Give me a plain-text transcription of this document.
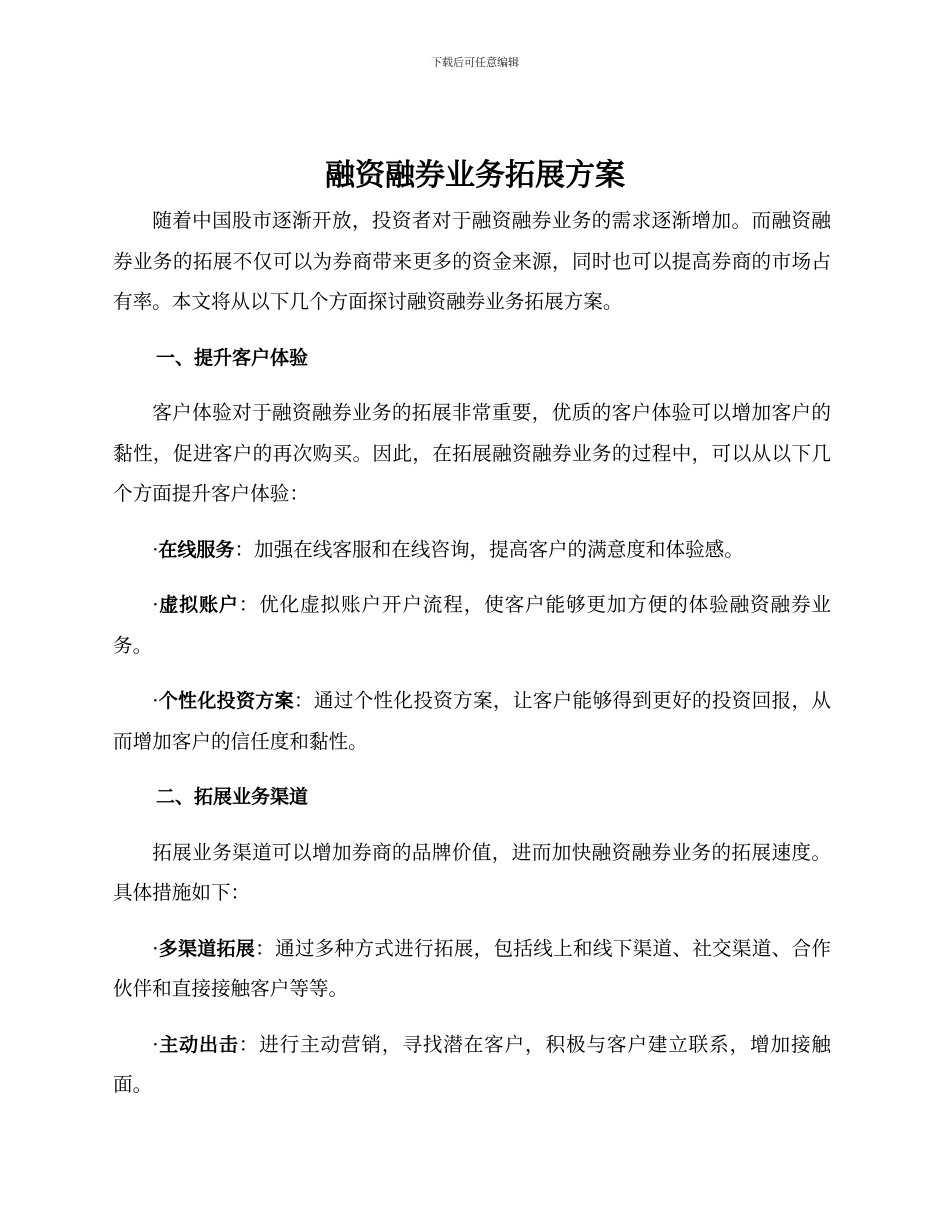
下载后可任意编辑
融资融券业务拓展方案

随着中国股市逐渐开放，投资者对于融资融券业务的需求逐渐增加。而融资融券业务的拓展不仅可以为券商带来更多的资金来源，同时也可以提高券商的市场占有率。本文将从以下几个方面探讨融资融券业务拓展方案。

一、提升客户体验

客户体验对于融资融券业务的拓展非常重要，优质的客户体验可以增加客户的黏性，促进客户的再次购买。因此，在拓展融资融券业务的过程中，可以从以下几个方面提升客户体验：

·在线服务：加强在线客服和在线咨询，提高客户的满意度和体验感。

·虚拟账户：优化虚拟账户开户流程，使客户能够更加方便的体验融资融券业务。

·个性化投资方案：通过个性化投资方案，让客户能够得到更好的投资回报，从而增加客户的信任度和黏性。

二、拓展业务渠道

拓展业务渠道可以增加券商的品牌价值，进而加快融资融券业务的拓展速度。具体措施如下：

·多渠道拓展：通过多种方式进行拓展，包括线上和线下渠道、社交渠道、合作伙伴和直接接触客户等等。

·主动出击：进行主动营销，寻找潜在客户，积极与客户建立联系，增加接触面。
